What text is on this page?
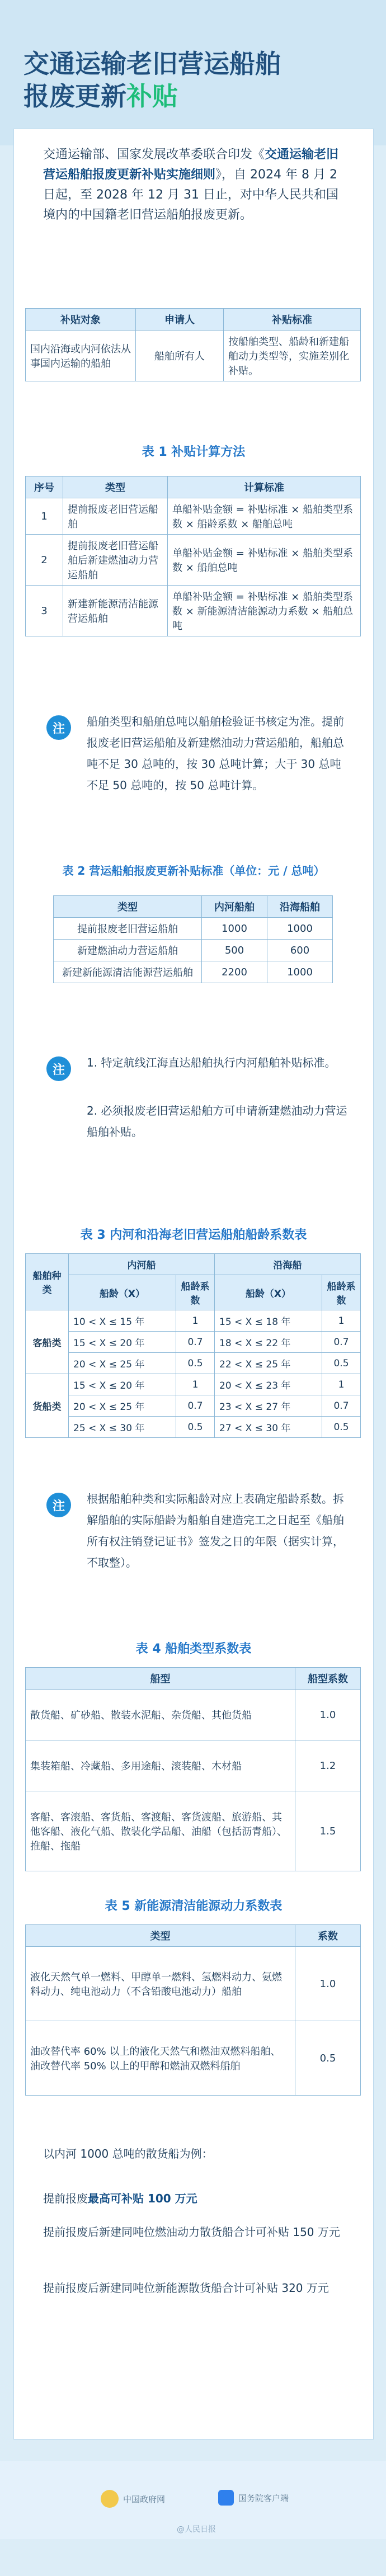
交通运输老旧营运船舶
报废更新补贴
交通运输部、国家发展改革委联合印发《交通运输老旧营运船舶报废更新补贴实施细则》，自 2024 年 8 月 2 日起，至 2028 年 12 月 31 日止，对中华人民共和国境内的中国籍老旧营运船舶报废更新。
补贴对象	申请人	补贴标准
国内沿海或内河依法从事国内运输的船舶	船舶所有人	按船舶类型、船龄和新建船舶动力类型等，实施差别化补贴。
表 1 补贴计算方法
序号	类型	计算标准
1	提前报废老旧营运船舶	单船补贴金额 = 补贴标准 × 船舶类型系数 × 船龄系数 × 船舶总吨
2	提前报废老旧营运船舶后新建燃油动力营运船舶	单船补贴金额 = 补贴标准 × 船舶类型系数 × 船舶总吨
3	新建新能源清洁能源营运船舶	单船补贴金额 = 补贴标准 × 船舶类型系数 × 新能源清洁能源动力系数 × 船舶总吨
注
船舶类型和船舶总吨以船舶检验证书核定为准。提前报废老旧营运船舶及新建燃油动力营运船舶，船舶总吨不足 30 总吨的，按 30 总吨计算；大于 30 总吨不足 50 总吨的，按 50 总吨计算。
表 2 营运船舶报废更新补贴标准（单位：元 / 总吨）
类型	内河船舶	沿海船舶
提前报废老旧营运船舶	1000	1000
新建燃油动力营运船舶	500	600
新建新能源清洁能源营运船舶	2200	1000
注
1. 特定航线江海直达船舶执行内河船舶补贴标准。
2. 必须报废老旧营运船舶方可申请新建燃油动力营运船舶补贴。
表 3 内河和沿海老旧营运船舶船龄系数表
船舶种类	内河船		沿海船	
	船龄（X）	船龄系数	船龄（X）	船龄系数
客船类	10 < X ≤ 15 年	1	15 < X ≤ 18 年	1
	15 < X ≤ 20 年	0.7	18 < X ≤ 22 年	0.7
	20 < X ≤ 25 年	0.5	22 < X ≤ 25 年	0.5
货船类	15 < X ≤ 20 年	1	20 < X ≤ 23 年	1
	20 < X ≤ 25 年	0.7	23 < X ≤ 27 年	0.7
	25 < X ≤ 30 年	0.5	27 < X ≤ 30 年	0.5
注
根据船舶种类和实际船龄对应上表确定船龄系数。拆解船舶的实际船龄为船舶自建造完工之日起至《船舶所有权注销登记证书》签发之日的年限（据实计算，不取整）。
表 4 船舶类型系数表
船型	船型系数
散货船、矿砂船、散装水泥船、杂货船、其他货船	1.0
集装箱船、冷藏船、多用途船、滚装船、木材船	1.2
客船、客滚船、客货船、客渡船、客货渡船、旅游船、其他客船、液化气船、散装化学品船、油船（包括沥青船）、推船、拖船	1.5
表 5 新能源清洁能源动力系数表
类型	系数
液化天然气单一燃料、甲醇单一燃料、氢燃料动力、氨燃料动力、纯电池动力（不含铅酸电池动力）船舶	1.0
油改替代率 60% 以上的液化天然气和燃油双燃料船舶、油改替代率 50% 以上的甲醇和燃油双燃料船舶	0.5
以内河 1000 总吨的散货船为例：
提前报废最高可补贴 100 万元
提前报废后新建同吨位燃油动力散货船合计可补贴 150 万元
提前报废后新建同吨位新能源散货船合计可补贴 320 万元
中国政府网	国务院客户端
@人民日报
